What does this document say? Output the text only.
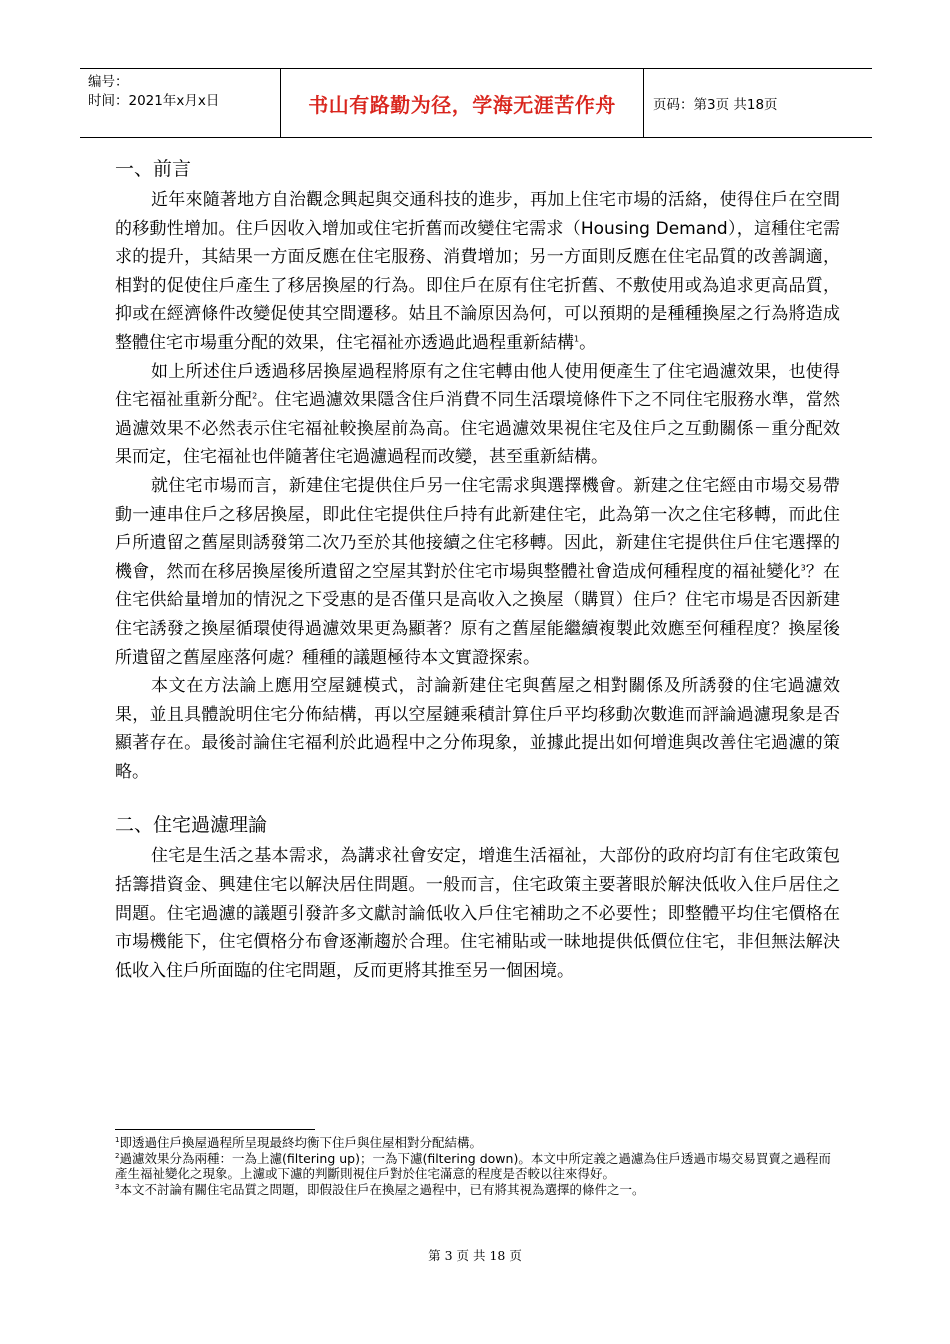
编号：
时间：2021年x月x日	书山有路勤为径，学海无涯苦作舟	页码：第3页 共18页
一、前言

近年來隨著地方自治觀念興起與交通科技的進步，再加上住宅市場的活絡，使得住戶在空間的移動性增加。住戶因收入增加或住宅折舊而改變住宅需求（Housing Demand），這種住宅需求的提升，其結果一方面反應在住宅服務、消費增加；另一方面則反應在住宅品質的改善調適，相對的促使住戶產生了移居換屋的行為。即住戶在原有住宅折舊、不敷使用或為追求更高品質，抑或在經濟條件改變促使其空間遷移。姑且不論原因為何，可以預期的是種種換屋之行為將造成整體住宅市場重分配的效果，住宅福祉亦透過此過程重新結構$^1$。

如上所述住戶透過移居換屋過程將原有之住宅轉由他人使用便產生了住宅過濾效果，也使得住宅福祉重新分配$^2$。住宅過濾效果隱含住戶消費不同生活環境條件下之不同住宅服務水準，當然過濾效果不必然表示住宅福祉較換屋前為高。住宅過濾效果視住宅及住戶之互動關係－重分配效果而定，住宅福祉也伴隨著住宅過濾過程而改變，甚至重新結構。

就住宅市場而言，新建住宅提供住戶另一住宅需求與選擇機會。新建之住宅經由市場交易帶動一連串住戶之移居換屋，即此住宅提供住戶持有此新建住宅，此為第一次之住宅移轉，而此住戶所遺留之舊屋則誘發第二次乃至於其他接續之住宅移轉。因此，新建住宅提供住戶住宅選擇的機會，然而在移居換屋後所遺留之空屋其對於住宅市場與整體社會造成何種程度的福祉變化$^3$？在住宅供給量增加的情況之下受惠的是否僅只是高收入之換屋（購買）住戶？住宅市場是否因新建住宅誘發之換屋循環使得過濾效果更為顯著？原有之舊屋能繼續複製此效應至何種程度？換屋後所遺留之舊屋座落何處？種種的議題極待本文實證探索。

本文在方法論上應用空屋鏈模式，討論新建住宅與舊屋之相對關係及所誘發的住宅過濾效果，並且具體說明住宅分佈結構，再以空屋鏈乘積計算住戶平均移動次數進而評論過濾現象是否顯著存在。最後討論住宅福利於此過程中之分佈現象，並據此提出如何增進與改善住宅過濾的策略。

二、住宅過濾理論

住宅是生活之基本需求，為講求社會安定，增進生活福祉，大部份的政府均訂有住宅政策包括籌措資金、興建住宅以解決居住問題。一般而言，住宅政策主要著眼於解決低收入住戶居住之問題。住宅過濾的議題引發許多文獻討論低收入戶住宅補助之不必要性；即整體平均住宅價格在市場機能下，住宅價格分布會逐漸趨於合理。住宅補貼或一昧地提供低價位住宅，非但無法解決低收入住戶所面臨的住宅問題，反而更將其推至另一個困境。

$^1$即透過住戶換屋過程所呈現最終均衡下住戶與住屋相對分配結構。
$^2$過濾效果分為兩種：一為上濾(filtering up)；一為下濾(filtering down)。本文中所定義之過濾為住戶透過市場交易買賣之過程而產生福祉變化之現象。上濾或下濾的判斷則視住戶對於住宅滿意的程度是否較以往來得好。
$^3$本文不討論有關住宅品質之問題，即假設住戶在換屋之過程中，已有將其視為選擇的條件之一。
第 3 页 共 18 页
